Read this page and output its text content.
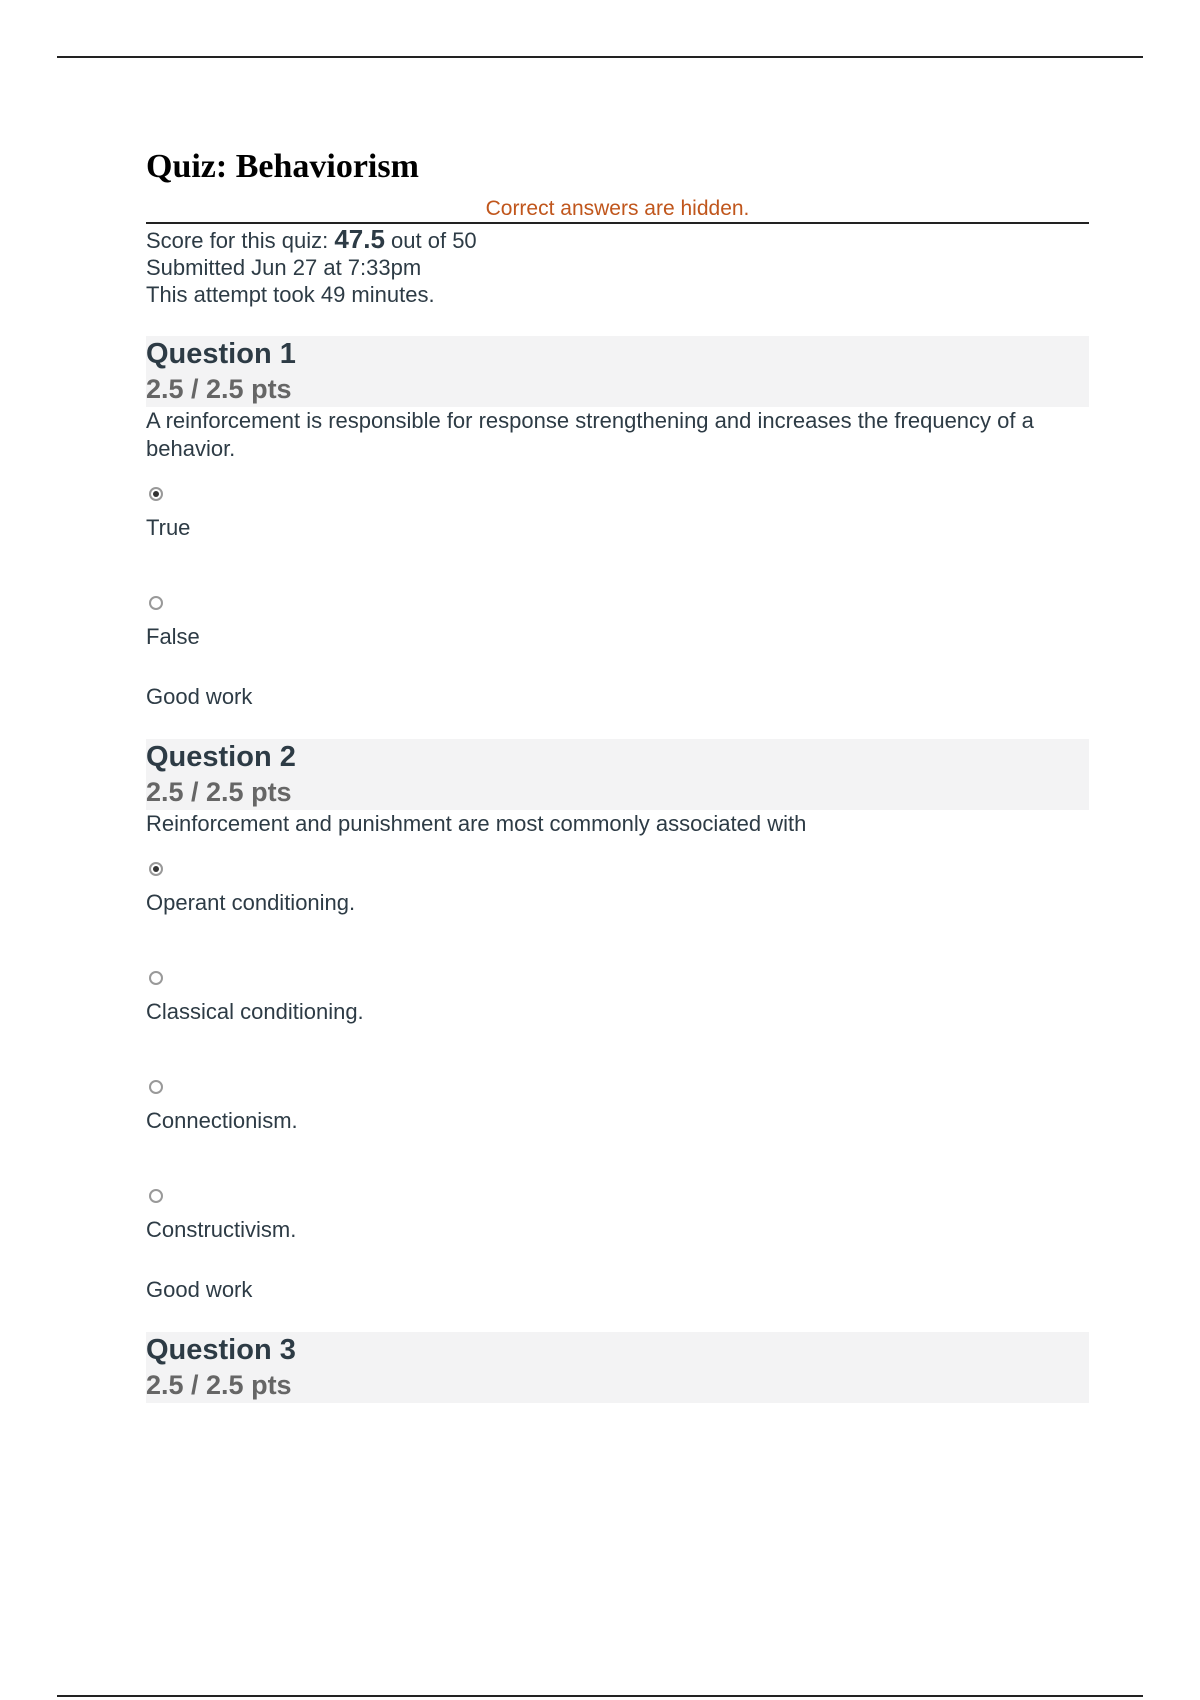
Quiz: Behaviorism
Correct answers are hidden.
Score for this quiz: 47.5 out of 50
Submitted Jun 27 at 7:33pm
This attempt took 49 minutes.
Question 1
2.5 / 2.5 pts
A reinforcement is responsible for response strengthening and increases the frequency of a behavior.
True
False
Good work
Question 2
2.5 / 2.5 pts
Reinforcement and punishment are most commonly associated with
Operant conditioning.
Classical conditioning.
Connectionism.
Constructivism.
Good work
Question 3
2.5 / 2.5 pts
